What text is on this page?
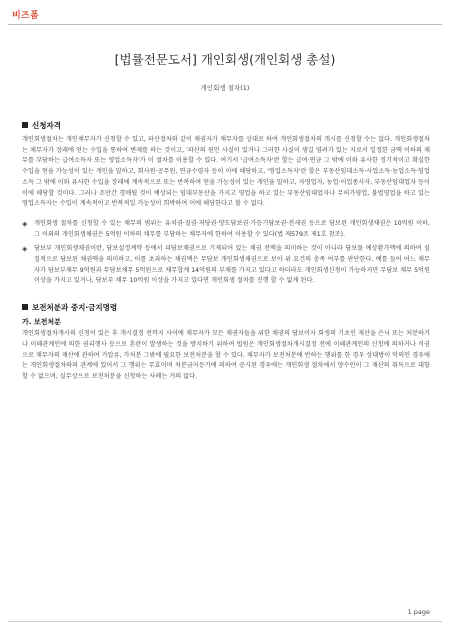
비즈폼
[법률전문도서] 개인회생(개인회생 총설)
개인회생 절차(1)
신청자격

개인회생절차는 개인채무자가 신청할 수 있고, 파산절차와 같이 채권자가 채무자를 상대로 하여 개인회생절차의 개시를 신청할 수는 없다. 개인회생절차는 채무자가 장래에 얻는 수입을 통하여 변제를 하는 것이고, '파산의 원인 사실이 있거나 그러한 사실이 생길 염려가 있는 자로서 일정한 금액 이하의 채무를 부담하는 급여소득자 또는 영업소득자'가 이 절차를 이용할 수 있다. 여기서 '급여소득자'란 할는 급여·연금 그 밖에 이와 유사한 정기적이고 확실한 수입을 얻을 가능성이 있는 개인을 말하고, 회사원·공무원, 연금수령자 등이 이에 해당하고, '영업소득자'란 할은 부동산임대소득·사업소득·농업소득·임업소득 그 밖에 이와 유사한 수입을 장래에 계속적으로 또는 반복하여 얻을 가능성이 있는 개인을 말하고, 자영업자, 농업·어업종사자, 부동산임대업자 등이 이에 해당할 것이다. 그러나 조만간 경매될 것이 예상되는 임대부동산을 가지고 영업을 하고 있는 부동산임대업자나 무허가영업, 불법영업을 하고 있는 영업소득자는 수입이 계속적이고 반복적일 가능성이 희박하여 이에 해당한다고 볼 수 없다.

◈	개인회생 절차를 신청할 수 있는 채무의 범위는 유치권·질권·저당권·양도담보권·가등기담보권·전세권 등으로 담보된 개인회생채권은 10억원 이하, 그 이외의 개인회생채권은 5억원 이하의 채무를 부담하는 채무자에 한하여 이용할 수 있다(법 제579조 제1호 참조).
◈	담보부 개인회생채권이란, 담보설정계약 등에서 피담보채권으로 기재되어 있는 채권 전액을 의미하는 것이 아니라 담보물 예상환가액에 의하여 실질적으로 담보된 채권액을 의미하고, 이를 초과하는 채권액은 무담보 개인회생채권으로 보아 위 요건의 충족 여부를 판단한다. 예를 들어 어느 채무자가 담보부채무 9억원과 무담보채무 5억원으로 채무합계 14억원의 부채를 가지고 있다고 하더라도 개인회생신청이 가능하지만 무담보 채무 5억원 이상을 가지고 있거나, 담보부 채무 10억원 이상을 가지고 있다면 개인회생 절차를 진행 할 수 없게 된다.
보전처분과 중지·금지명령
가. 보전처분

개인회생절차개시의 신청이 있은 후 개시결정 전까지 사이에 채무자가 모든 채권자들을 위한 채권의 담보이자 회생의 기초인 재산을 은닉 또는 처분하거나 이해관계인에 의한 권리행사 등으로 혼란이 발생하는 것을 방지하기 위하여 법원은 개인회생절차개시결정 전에 이해관계인의 신청에 의하거나 직권으로 채무자의 재산에 관하여 가압류, 가처분 그밖에 필요한 보전처분을 할 수 있다. 채무자가 보전처분에 반하는 행위를 한 경우 상대방이 악의인 경우에는 개인회생절차와의 관계에 있어서 그 행위는 무효이며 처분금지등기에 의하여 공시된 경우에는 개인회생 절차에서 양수인이 그 재산의 취득으로 대항할 수 없으며, 실무상으로 보전처분을 신청하는 사례는 거의 없다.

1 page
